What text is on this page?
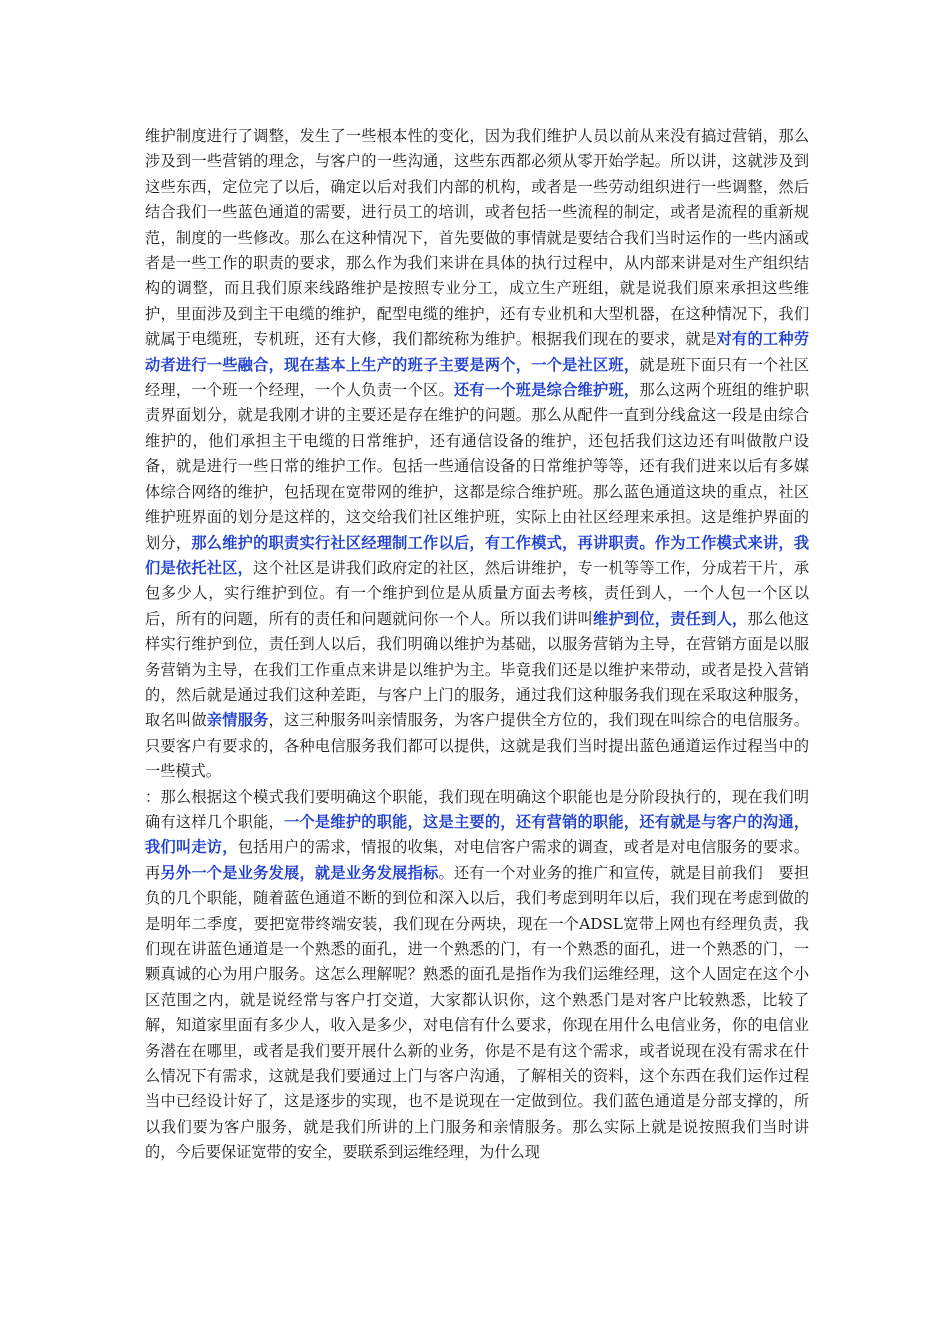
维护制度进行了调整，发生了一些根本性的变化，因为我们维护人员以前从来没有搞过营销，那么涉及到一些营销的理念，与客户的一些沟通，这些东西都必须从零开始学起。所以讲，这就涉及到这些东西，定位完了以后，确定以后对我们内部的机构，或者是一些劳动组织进行一些调整，然后结合我们一些蓝色通道的需要，进行员工的培训，或者包括一些流程的制定，或者是流程的重新规范，制度的一些修改。那么在这种情况下，首先要做的事情就是要结合我们当时运作的一些内涵或者是一些工作的职责的要求，那么作为我们来讲在具体的执行过程中，从内部来讲是对生产组织结构的调整，而且我们原来线路维护是按照专业分工，成立生产班组，就是说我们原来承担这些维护，里面涉及到主干电缆的维护，配型电缆的维护，还有专业机和大型机器，在这种情况下，我们就属于电缆班，专机班，还有大修，我们都统称为维护。根据我们现在的要求，就是对有的工种劳动者进行一些融合，现在基本上生产的班子主要是两个，一个是社区班，就是班下面只有一个社区经理，一个班一个经理，一个人负责一个区。还有一个班是综合维护班，那么这两个班组的维护职责界面划分，就是我刚才讲的主要还是存在维护的问题。那么从配件一直到分线盒这一段是由综合维护的，他们承担主干电缆的日常维护，还有通信设备的维护，还包括我们这边还有叫做散户设备，就是进行一些日常的维护工作。包括一些通信设备的日常维护等等，还有我们进来以后有多媒体综合网络的维护，包括现在宽带网的维护，这都是综合维护班。那么蓝色通道这块的重点，社区维护班界面的划分是这样的，这交给我们社区维护班，实际上由社区经理来承担。这是维护界面的划分，那么维护的职责实行社区经理制工作以后，有工作模式，再讲职责。作为工作模式来讲，我们是依托社区，这个社区是讲我们政府定的社区，然后讲维护，专一机等等工作，分成若干片，承包多少人，实行维护到位。有一个维护到位是从质量方面去考核，责任到人，一个人包一个区以后，所有的问题，所有的责任和问题就问你一个人。所以我们讲叫维护到位，责任到人，那么他这样实行维护到位，责任到人以后，我们明确以维护为基础，以服务营销为主导，在营销方面是以服务营销为主导，在我们工作重点来讲是以维护为主。毕竟我们还是以维护来带动，或者是投入营销的，然后就是通过我们这种差距，与客户上门的服务，通过我们这种服务我们现在采取这种服务，取名叫做亲情服务，这三种服务叫亲情服务，为客户提供全方位的，我们现在叫综合的电信服务。只要客户有要求的，各种电信服务我们都可以提供，这就是我们当时提出蓝色通道运作过程当中的一些模式。

：那么根据这个模式我们要明确这个职能，我们现在明确这个职能也是分阶段执行的，现在我们明确有这样几个职能，一个是维护的职能，这是主要的，还有营销的职能，还有就是与客户的沟通，我们叫走访，包括用户的需求，情报的收集，对电信客户需求的调查，或者是对电信服务的要求。再另外一个是业务发展，就是业务发展指标。还有一个对业务的推广和宣传，就是目前我们　要担负的几个职能，随着蓝色通道不断的到位和深入以后，我们考虑到明年以后，我们现在考虑到做的是明年二季度，要把宽带终端安装，我们现在分两块，现在一个ADSL宽带上网也有经理负责，我们现在讲蓝色通道是一个熟悉的面孔，进一个熟悉的门，有一个熟悉的面孔，进一个熟悉的门，一颗真诚的心为用户服务。这怎么理解呢？熟悉的面孔是指作为我们运维经理，这个人固定在这个小区范围之内，就是说经常与客户打交道，大家都认识你，这个熟悉门是对客户比较熟悉，比较了解，知道家里面有多少人，收入是多少，对电信有什么要求，你现在用什么电信业务，你的电信业务潜在在哪里，或者是我们要开展什么新的业务，你是不是有这个需求，或者说现在没有需求在什么情况下有需求，这就是我们要通过上门与客户沟通，了解相关的资料，这个东西在我们运作过程当中已经设计好了，这是逐步的实现，也不是说现在一定做到位。我们蓝色通道是分部支撑的，所以我们要为客户服务，就是我们所讲的上门服务和亲情服务。那么实际上就是说按照我们当时讲的，今后要保证宽带的安全，要联系到运维经理，为什么现
